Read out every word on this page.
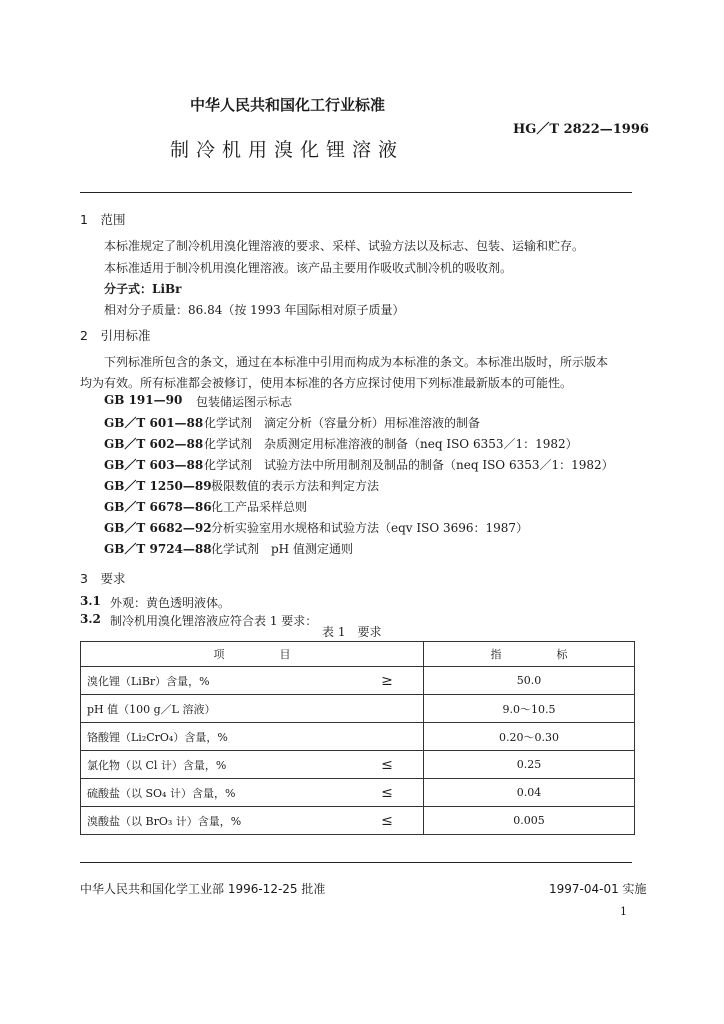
中华人民共和国化工行业标准
HG／T 2822—1996
制冷机用溴化锂溶液
1　范围
本标准规定了制冷机用溴化锂溶液的要求、采样、试验方法以及标志、包装、运输和贮存。
本标准适用于制冷机用溴化锂溶液。该产品主要用作吸收式制冷机的吸收剂。
分子式：LiBr
相对分子质量：86.84（按 1993 年国际相对原子质量）
2　引用标准
下列标准所包含的条文，通过在本标准中引用而构成为本标准的条文。本标准出版时，所示版本
均为有效。所有标准都会被修订，使用本标准的各方应探讨使用下列标准最新版本的可能性。
GB 191—90 包装储运图示标志
GB／T 601—88 化学试剂　滴定分析（容量分析）用标准溶液的制备
GB／T 602—88 化学试剂　杂质测定用标准溶液的制备（neq ISO 6353／1：1982）
GB／T 603—88 化学试剂　试验方法中所用制剂及制品的制备（neq ISO 6353／1：1982）
GB／T 1250—89 极限数值的表示方法和判定方法
GB／T 6678—86 化工产品采样总则
GB／T 6682—92 分析实验室用水规格和试验方法（eqv ISO 3696：1987）
GB／T 9724—88 化学试剂　pH 值测定通则
3　要求
3.1 外观：黄色透明液体。
3.2 制冷机用溴化锂溶液应符合表 1 要求：
表 1　要求
项　　　　　目		指　　　　　标
溴化锂（LiBr）含量，%	≥	50.0
pH 值（100 g／L 溶液）		9.0～10.5
铬酸锂（Li₂CrO₄）含量，%		0.20～0.30
氯化物（以 Cl 计）含量，%	≤	0.25
硫酸盐（以 SO₄ 计）含量，%	≤	0.04
溴酸盐（以 BrO₃ 计）含量，%	≤	0.005
中华人民共和国化学工业部 1996-12-25 批准	1997-04-01 实施
1
